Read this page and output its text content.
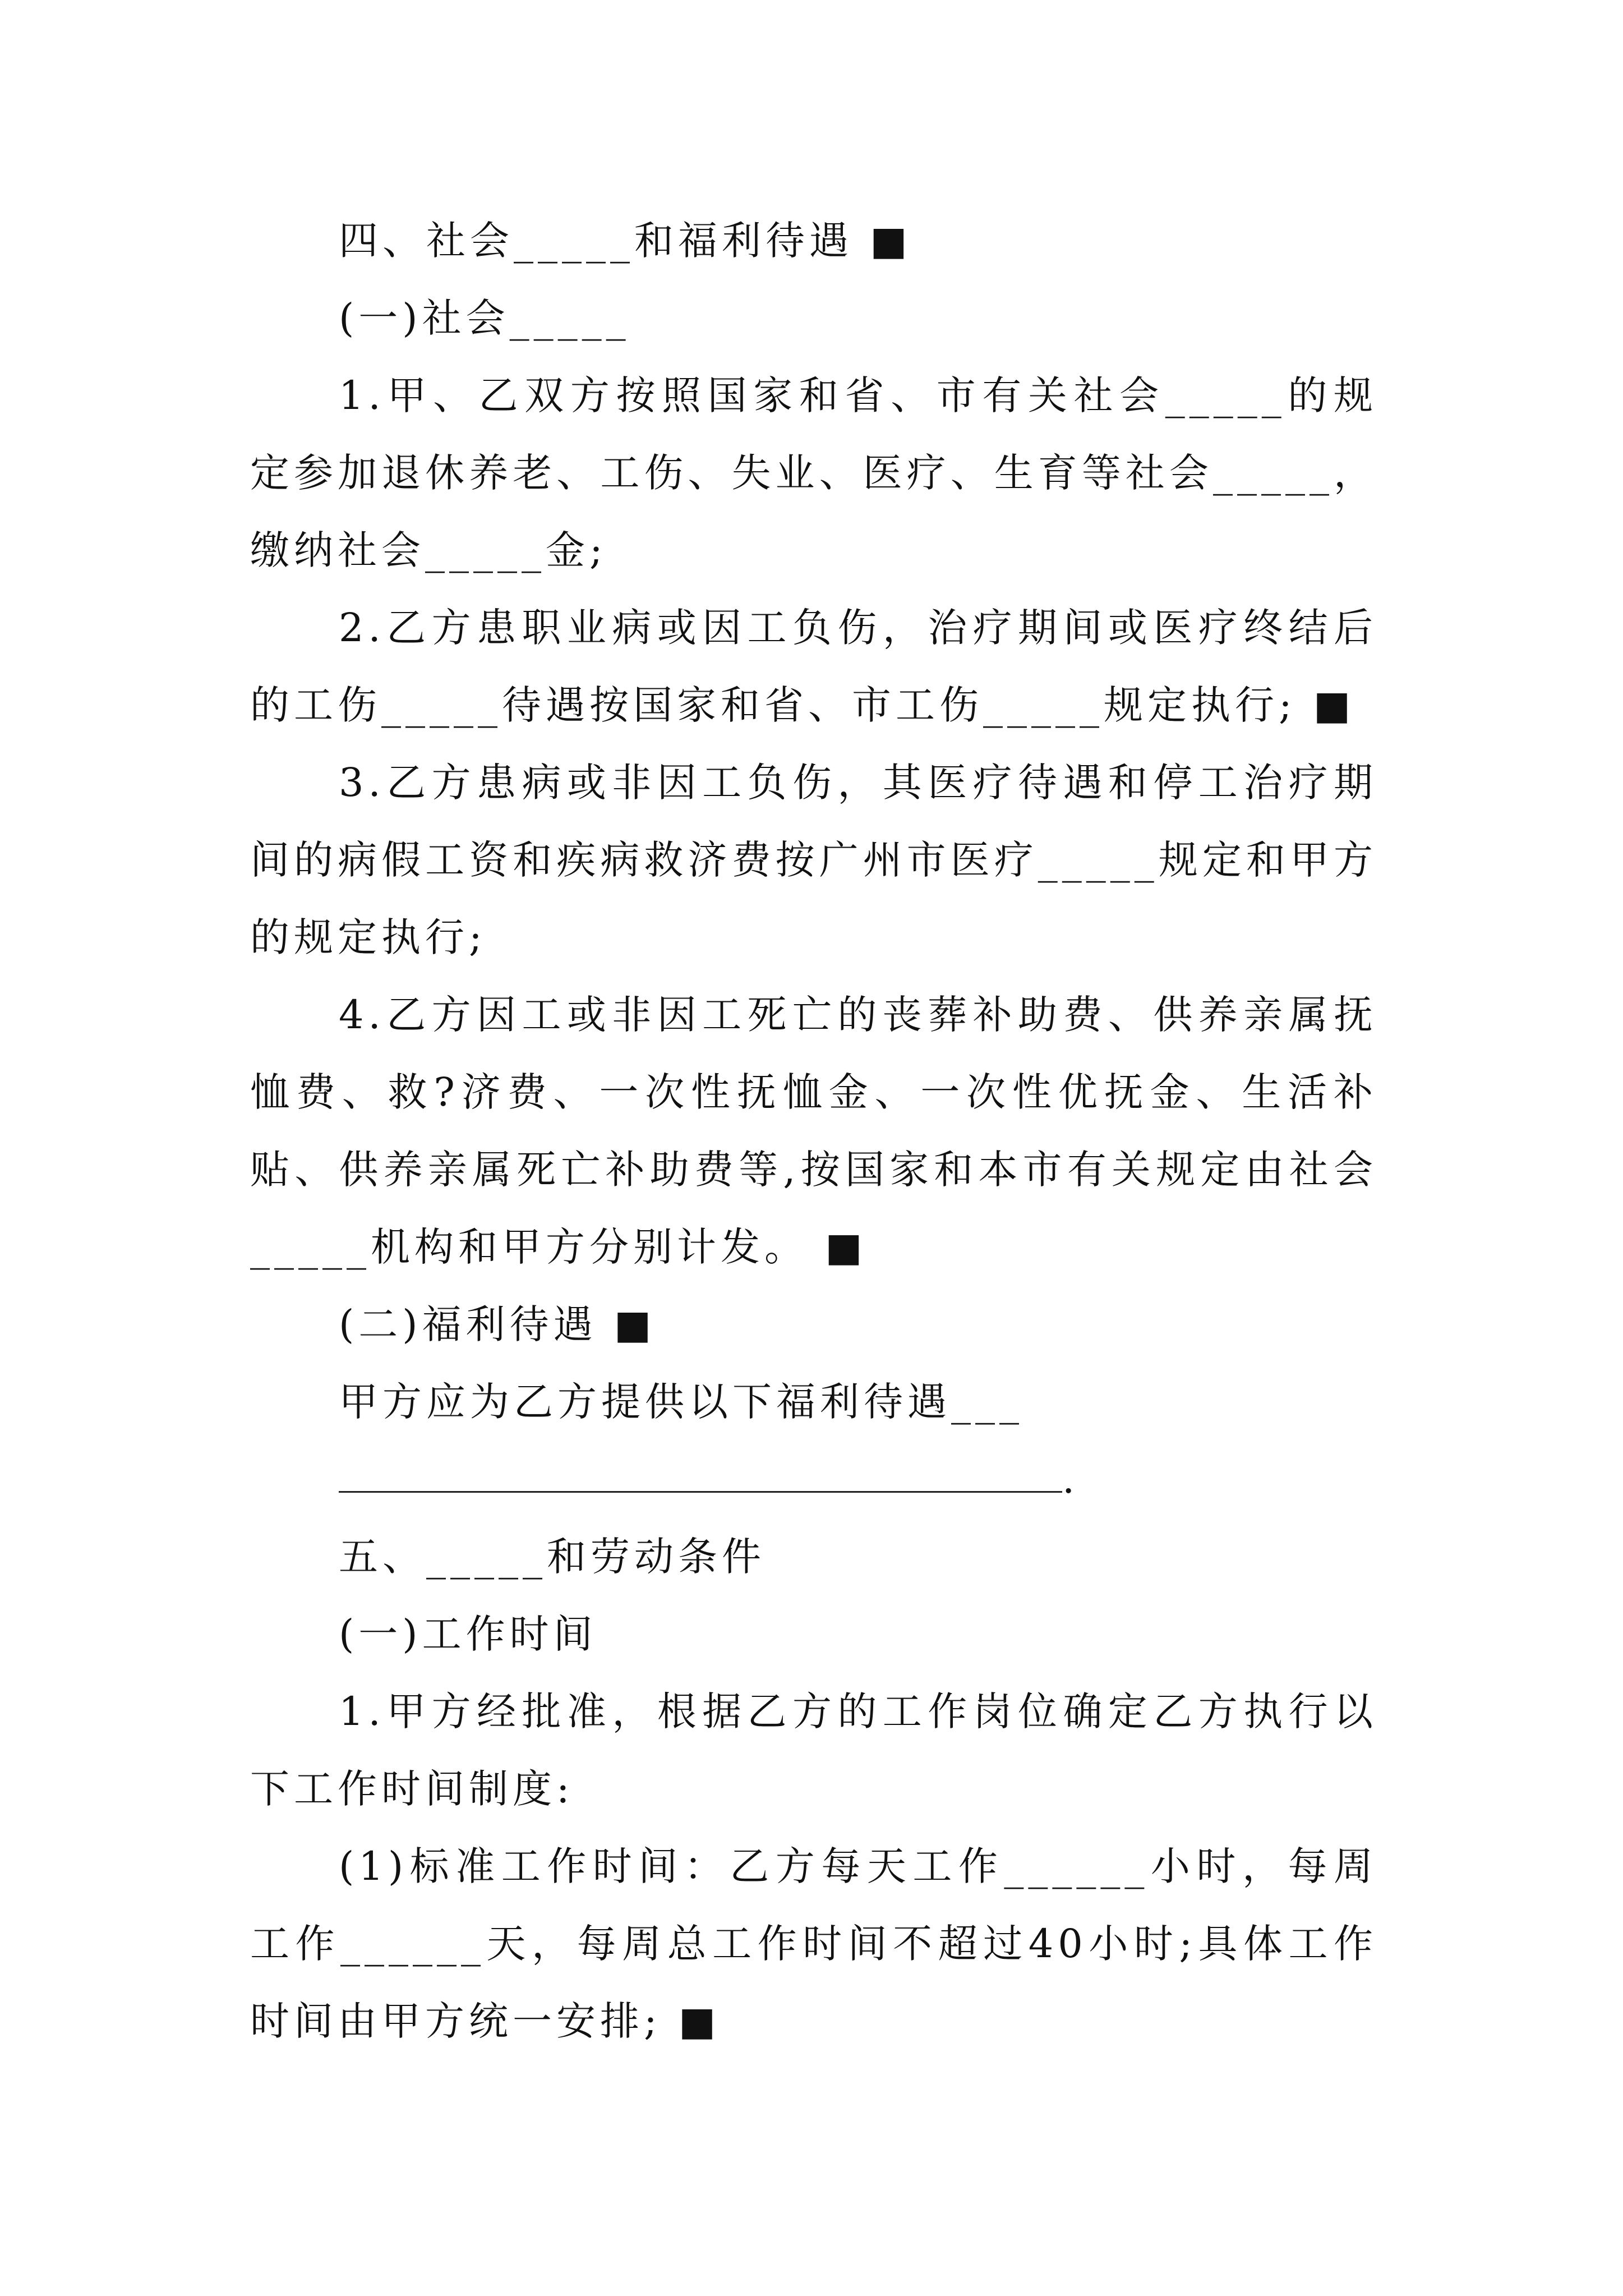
四、社会_____和福利待遇 ■

(一)社会_____

1.甲、乙双方按照国家和省、市有关社会_____的规定参加退休养老、工伤、失业、医疗、生育等社会_____，缴纳社会_____金;

2.乙方患职业病或因工负伤，治疗期间或医疗终结后的工伤_____待遇按国家和省、市工伤_____规定执行; ■

3.乙方患病或非因工负伤，其医疗待遇和停工治疗期间的病假工资和疾病救济费按广州市医疗_____规定和甲方的规定执行;

4.乙方因工或非因工死亡的丧葬补助费、供养亲属抚恤费、救?济费、一次性抚恤金、一次性优抚金、生活补贴、供养亲属死亡补助费等,按国家和本市有关规定由社会_____机构和甲方分别计发。 ■

(二)福利待遇 ■

甲方应为乙方提供以下福利待遇___

.

五、_____和劳动条件

(一)工作时间

1.甲方经批准，根据乙方的工作岗位确定乙方执行以下工作时间制度:

(1)标准工作时间：乙方每天工作______小时，每周工作______天，每周总工作时间不超过40小时;具体工作时间由甲方统一安排; ■
